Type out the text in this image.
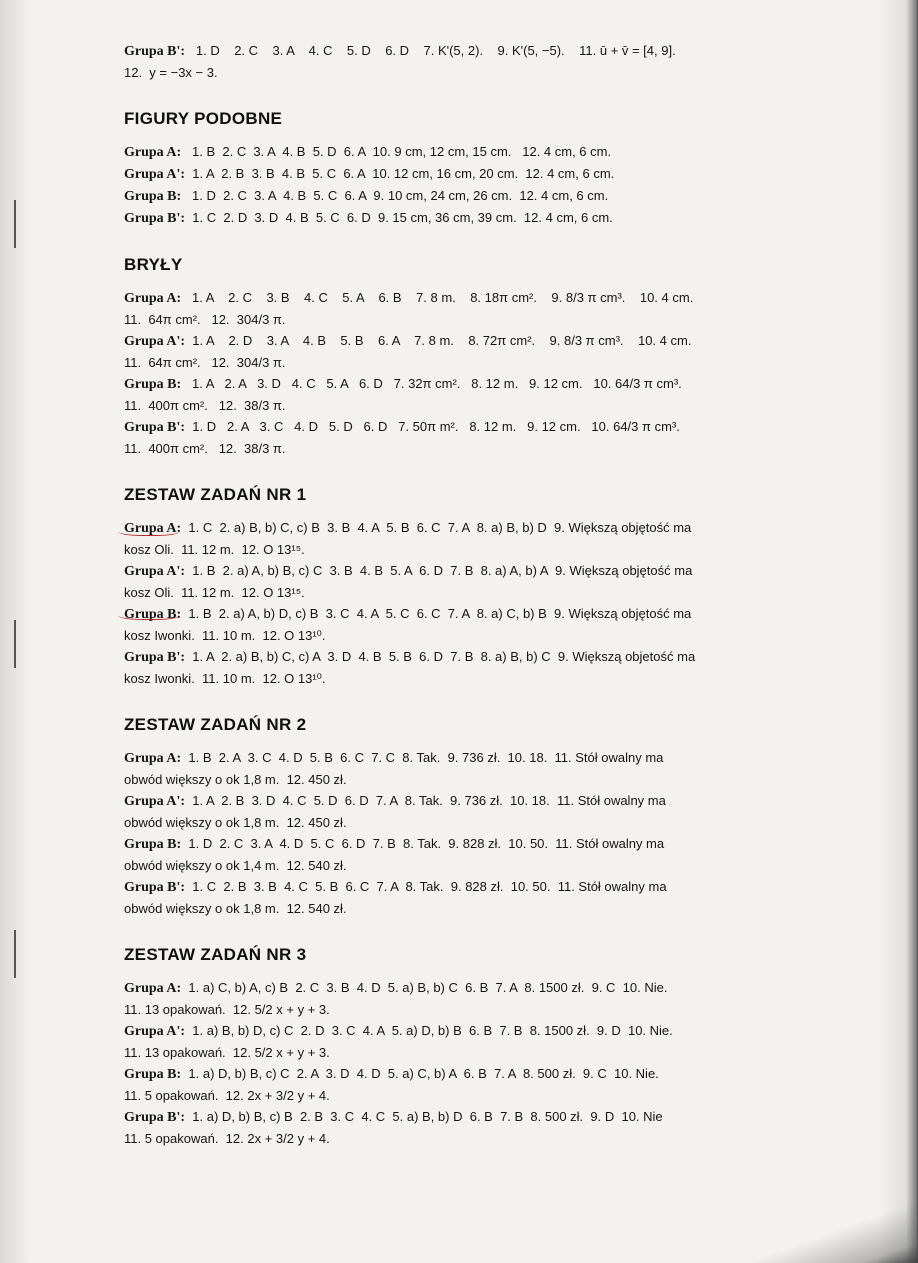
Grupa B':   1. D    2. C    3. A    4. C    5. D    6. D    7. K'(5, 2).    9. K'(5, −5).    11. ū + v̄ = [4, 9].
12.  y = −3x − 3.
FIGURY PODOBNE
Grupa A:   1. B  2. C  3. A  4. B  5. D  6. A  10. 9 cm, 12 cm, 15 cm.   12. 4 cm, 6 cm.
Grupa A':  1. A  2. B  3. B  4. B  5. C  6. A  10. 12 cm, 16 cm, 20 cm.  12. 4 cm, 6 cm.
Grupa B:   1. D  2. C  3. A  4. B  5. C  6. A  9. 10 cm, 24 cm, 26 cm.  12. 4 cm, 6 cm.
Grupa B':  1. C  2. D  3. D  4. B  5. C  6. D  9. 15 cm, 36 cm, 39 cm.  12. 4 cm, 6 cm.
BRYŁY
Grupa A:   1. A    2. C    3. B    4. C    5. A    6. B    7. 8 m.    8. 18π cm².    9. 8/3 π cm³.    10. 4 cm.
11.  64π cm².   12.  304/3 π.
Grupa A':  1. A    2. D    3. A    4. B    5. B    6. A    7. 8 m.    8. 72π cm².    9. 8/3 π cm³.    10. 4 cm.
11.  64π cm².   12.  304/3 π.
Grupa B:   1. A   2. A   3. D   4. C   5. A   6. D   7. 32π cm².   8. 12 m.   9. 12 cm.   10. 64/3 π cm³.
11.  400π cm².   12.  38/3 π.
Grupa B':  1. D   2. A   3. C   4. D   5. D   6. D   7. 50π m².   8. 12 m.   9. 12 cm.   10. 64/3 π cm³.
11.  400π cm².   12.  38/3 π.
ZESTAW ZADAŃ NR 1
Grupa A:  1. C  2. a) B, b) C, c) B  3. B  4. A  5. B  6. C  7. A  8. a) B, b) D  9. Większą objętość ma
kosz Oli.  11. 12 m.  12. O 13¹⁵.
Grupa A':  1. B  2. a) A, b) B, c) C  3. B  4. B  5. A  6. D  7. B  8. a) A, b) A  9. Większą objętość ma
kosz Oli.  11. 12 m.  12. O 13¹⁵.
Grupa B:  1. B  2. a) A, b) D, c) B  3. C  4. A  5. C  6. C  7. A  8. a) C, b) B  9. Większą objętość ma
kosz Iwonki.  11. 10 m.  12. O 13¹⁰.
Grupa B':  1. A  2. a) B, b) C, c) A  3. D  4. B  5. B  6. D  7. B  8. a) B, b) C  9. Większą objetość ma
kosz Iwonki.  11. 10 m.  12. O 13¹⁰.
ZESTAW ZADAŃ NR 2
Grupa A:  1. B  2. A  3. C  4. D  5. B  6. C  7. C  8. Tak.  9. 736 zł.  10. 18.  11. Stół owalny ma
obwód większy o ok 1,8 m.  12. 450 zł.
Grupa A':  1. A  2. B  3. D  4. C  5. D  6. D  7. A  8. Tak.  9. 736 zł.  10. 18.  11. Stół owalny ma
obwód większy o ok 1,8 m.  12. 450 zł.
Grupa B:  1. D  2. C  3. A  4. D  5. C  6. D  7. B  8. Tak.  9. 828 zł.  10. 50.  11. Stół owalny ma
obwód większy o ok 1,4 m.  12. 540 zł.
Grupa B':  1. C  2. B  3. B  4. C  5. B  6. C  7. A  8. Tak.  9. 828 zł.  10. 50.  11. Stół owalny ma
obwód większy o ok 1,8 m.  12. 540 zł.
ZESTAW ZADAŃ NR 3
Grupa A:  1. a) C, b) A, c) B  2. C  3. B  4. D  5. a) B, b) C  6. B  7. A  8. 1500 zł.  9. C  10. Nie.
11. 13 opakowań.  12. 5/2 x + y + 3.
Grupa A':  1. a) B, b) D, c) C  2. D  3. C  4. A  5. a) D, b) B  6. B  7. B  8. 1500 zł.  9. D  10. Nie.
11. 13 opakowań.  12. 5/2 x + y + 3.
Grupa B:  1. a) D, b) B, c) C  2. A  3. D  4. D  5. a) C, b) A  6. B  7. A  8. 500 zł.  9. C  10. Nie.
11. 5 opakowań.  12. 2x + 3/2 y + 4.
Grupa B':  1. a) D, b) B, c) B  2. B  3. C  4. C  5. a) B, b) D  6. B  7. B  8. 500 zł.  9. D  10. Nie
11. 5 opakowań.  12. 2x + 3/2 y + 4.
